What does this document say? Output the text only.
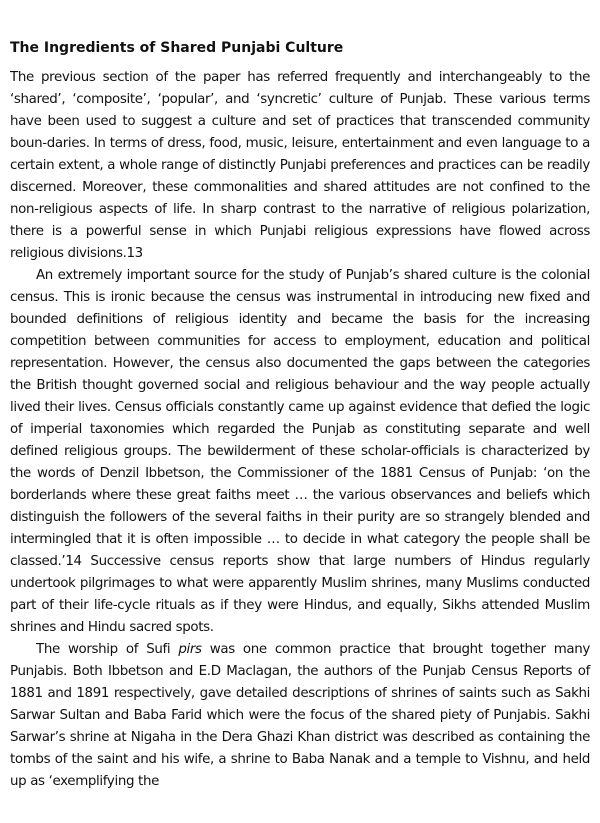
The Ingredients of Shared Punjabi Culture

The previous section of the paper has referred frequently and interchangeably to the ‘shared’, ‘composite’, ‘popular’, and ‘syncretic’ culture of Punjab. These various terms have been used to suggest a culture and set of practices that transcended community boun-daries. In terms of dress, food, music, leisure, entertainment and even language to a certain extent, a whole range of distinctly Punjabi preferences and practices can be readily discerned. Moreover, these commonalities and shared attitudes are not confined to the non-religious aspects of life. In sharp contrast to the narrative of religious polarization, there is a powerful sense in which Punjabi religious expressions have flowed across religious divisions.13

An extremely important source for the study of Punjab’s shared culture is the colonial census. This is ironic because the census was instrumental in introducing new fixed and bounded definitions of religious identity and became the basis for the increasing competition between communities for access to employment, education and political representation. However, the census also documented the gaps between the categories the British thought governed social and religious behaviour and the way people actually lived their lives. Census officials constantly came up against evidence that defied the logic of imperial taxonomies which regarded the Punjab as constituting separate and well defined religious groups. The bewilderment of these scholar-officials is characterized by the words of Denzil Ibbetson, the Commissioner of the 1881 Census of Punjab: ‘on the borderlands where these great faiths meet … the various observances and beliefs which distinguish the followers of the several faiths in their purity are so strangely blended and intermingled that it is often impossible … to decide in what category the people shall be classed.’14 Successive census reports show that large numbers of Hindus regularly undertook pilgrimages to what were apparently Muslim shrines, many Muslims conducted part of their life-cycle rituals as if they were Hindus, and equally, Sikhs attended Muslim shrines and Hindu sacred spots.

The worship of Sufi pirs was one common practice that brought together many Punjabis. Both Ibbetson and E.D Maclagan, the authors of the Punjab Census Reports of 1881 and 1891 respectively, gave detailed descriptions of shrines of saints such as Sakhi Sarwar Sultan and Baba Farid which were the focus of the shared piety of Punjabis. Sakhi Sarwar’s shrine at Nigaha in the Dera Ghazi Khan district was described as containing the tombs of the saint and his wife, a shrine to Baba Nanak and a temple to Vishnu, and held up as ‘exemplifying the
